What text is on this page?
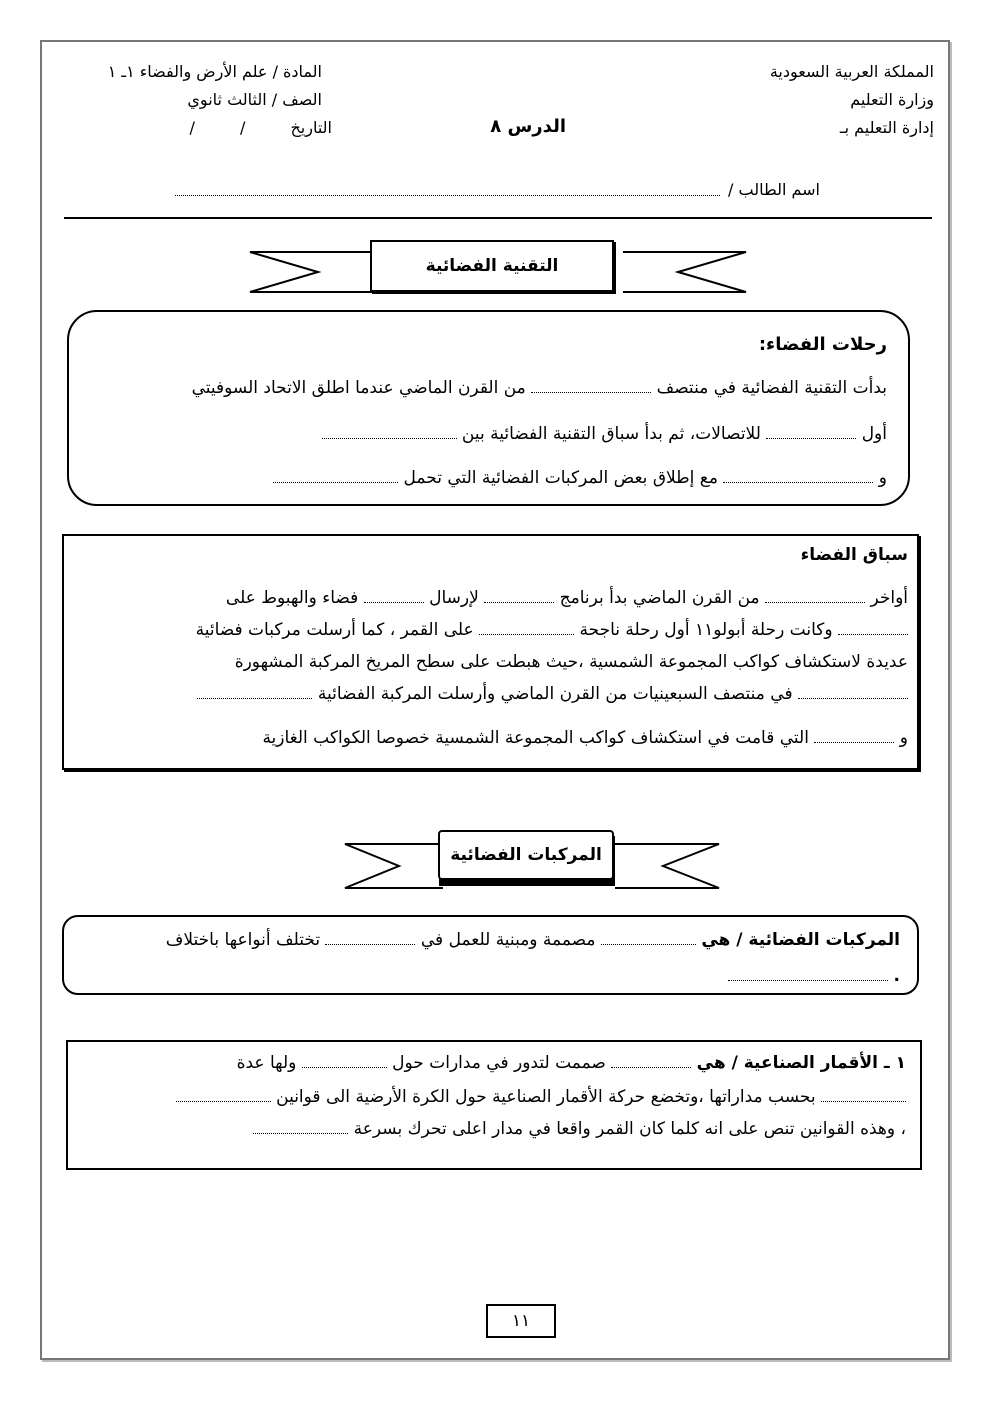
المملكة العربية السعودية
وزارة التعليم
إدارة التعليم بـ
المادة / علم الأرض والفضاء ١ـ ١
الصف / الثالث ثانوي
التاريخ / /	الدرس ٨
اسم الطالب /
التقنية الفضائية
رحلات الفضاء:
بدأت التقنية الفضائية في منتصف  من القرن الماضي عندما اطلق الاتحاد السوفيتي
أول  للاتصالات، ثم بدأ سباق التقنية الفضائية بين
و  مع إطلاق بعض المركبات الفضائية التي تحمل
سباق الفضاء
أواخر  من القرن الماضي بدأ برنامج  لإرسال  فضاء والهبوط على
وكانت رحلة أبولو١١ أول رحلة ناجحة  على القمر ، كما أرسلت مركبات فضائية
عديدة لاستكشاف كواكب المجموعة الشمسية ،حيث هبطت على سطح المريخ المركبة المشهورة
في منتصف السبعينيات من القرن الماضي وأرسلت المركبة الفضائية
و  التي قامت في استكشاف كواكب المجموعة الشمسية خصوصا الكواكب الغازية
المركبات الفضائية
المركبات الفضائية / هي  مصممة ومبنية للعمل في  تختلف أنواعها باختلاف
.
١ ـ الأقمار الصناعية / هي  صممت لتدور في مدارات حول  ولها عدة
بحسب مداراتها ،وتخضع حركة الأقمار الصناعية حول الكرة الأرضية الى قوانين
، وهذه القوانين تنص على انه كلما كان القمر واقعا في مدار اعلى تحرك بسرعة
١١
